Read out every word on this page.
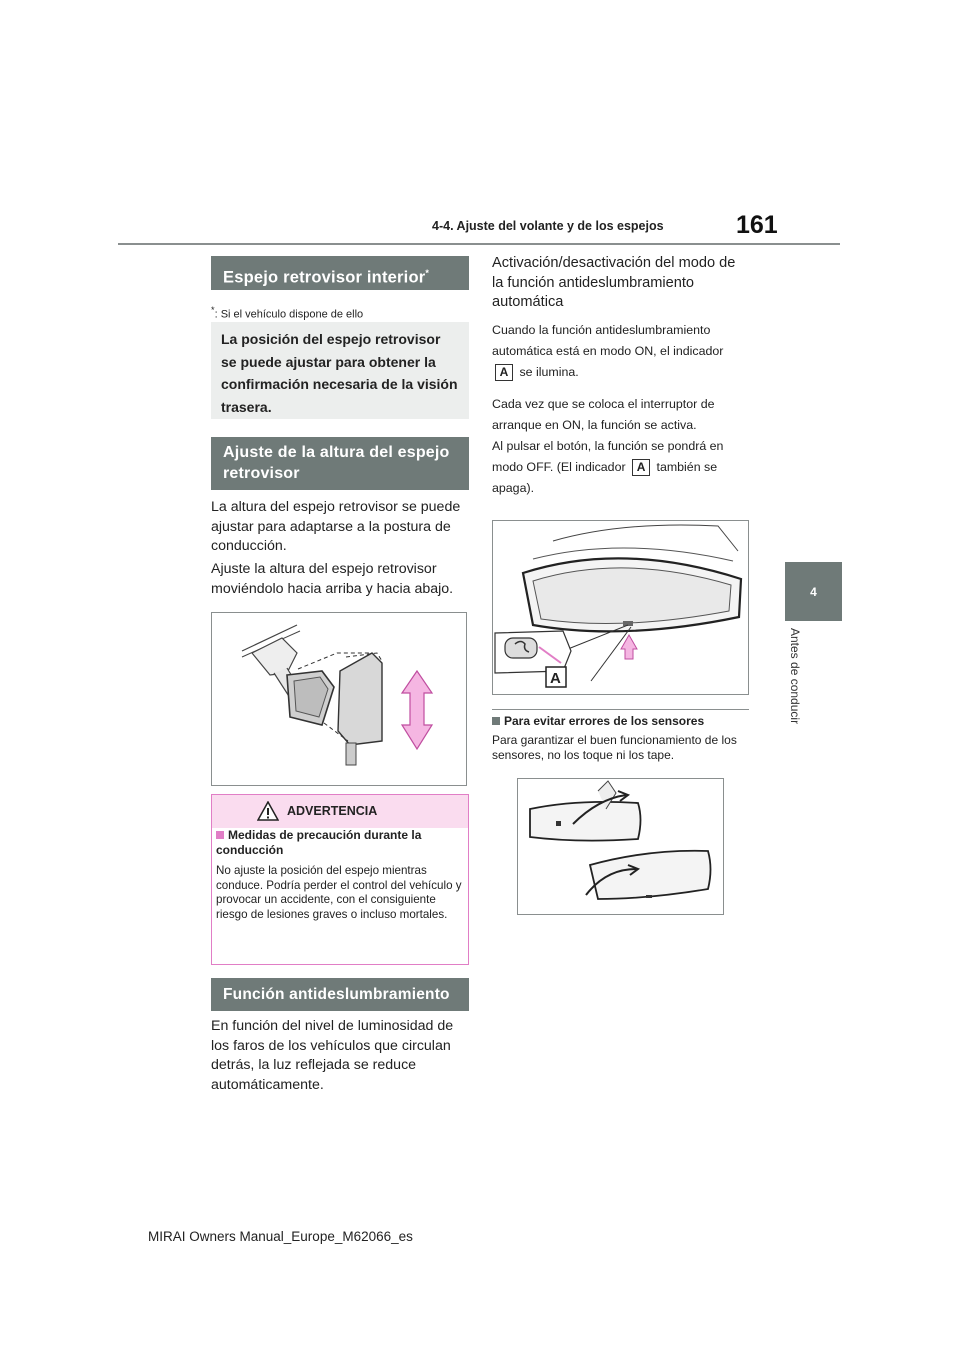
4-4. Ajuste del volante y de los espejos	161
4
Antes de conducir
Espejo retrovisor interior*
*: Si el vehículo dispone de ello
La posición del espejo retrovisor se puede ajustar para obtener la confirmación necesaria de la visión trasera.
Ajuste de la altura del espejo retrovisor
La altura del espejo retrovisor se puede ajustar para adaptarse a la postura de conducción.
Ajuste la altura del espejo retrovisor moviéndolo hacia arriba y hacia abajo.
ADVERTENCIA
Medidas de precaución durante la conducción
No ajuste la posición del espejo mientras conduce. Podría perder el control del vehículo y provocar un accidente, con el consiguiente riesgo de lesiones graves o incluso mortales.
Función antideslumbramiento
En función del nivel de luminosidad de los faros de los vehículos que circulan detrás, la luz reflejada se reduce automáticamente.
Activación/desactivación del modo de la función antideslumbramiento automática
Cuando la función antideslumbramiento automática está en modo ON, el indicador A se ilumina.
Cada vez que se coloca el interruptor de arranque en ON, la función se activa.
Al pulsar el botón, la función se pondrá en modo OFF. (El indicador A también se apaga).
A
Para evitar errores de los sensores
Para garantizar el buen funcionamiento de los sensores, no los toque ni los tape.
MIRAI Owners Manual_Europe_M62066_es
